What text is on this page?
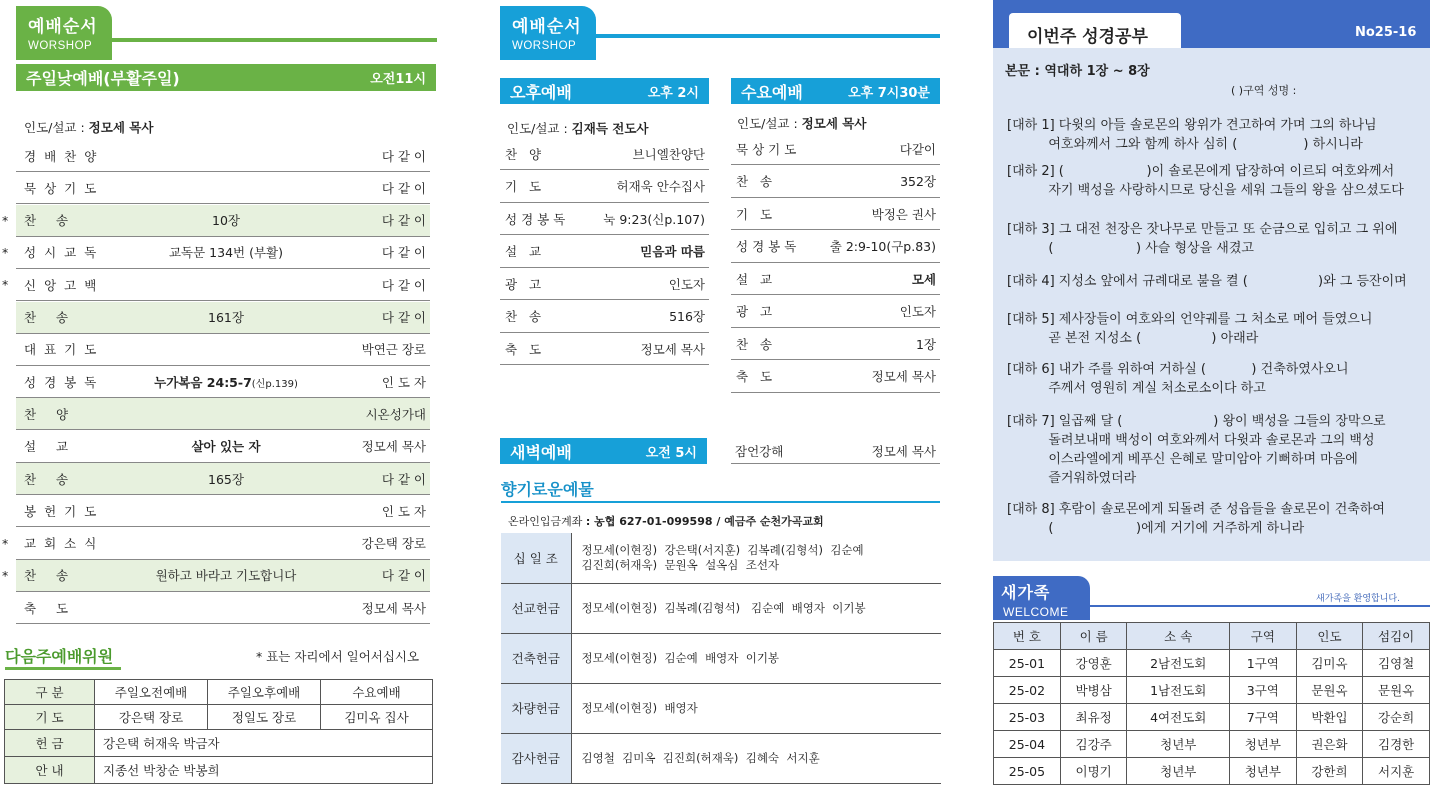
예배순서
WORSHOP
주일낮예배(부활주일)	오전11시
인도/설교 : 정모세 목사
경배찬양	다 같 이
묵상기도	다 같 이
* 찬 송	10장	다 같 이
* 성시교독	교독문 134번 (부활)	다 같 이
* 신앙고백	다 같 이
찬 송	161장	다 같 이
대표기도	박연근 장로
성경봉독	누가복음 24:5-7(신p.139)	인 도 자
찬 양	시온성가대
설 교	살아 있는 자	정모세 목사
찬 송	165장	다 같 이
봉헌기도	인 도 자
* 교회소식	강은택 장로
* 찬 송	원하고 바라고 기도합니다	다 같 이
축 도	정모세 목사
다음주예배위원	* 표는 자리에서 일어서십시오
구 분	주일오전예배	주일오후예배	수요예배
기 도	강은택 장로	정일도 장로	김미옥 집사
헌 금	강은택 허재욱 박금자		
안 내	지종선 박창순 박봉희		
예배순서
WORSHOP
오후예배	오후 2시
인도/설교 : 김재득 전도사
찬 양	브니엘찬양단
기 도	허재욱 안수집사
성경봉독	눅 9:23(신p.107)
설 교	믿음과 따름
광 고	인도자
찬 송	516장
축 도	정모세 목사
수요예배	오후 7시30분
인도/설교 : 정모세 목사
묵상기도	다같이
찬 송	352장
기 도	박정은 권사
성경봉독 출 2:9-10(구p.83)
설 교	모세
광 고	인도자
찬 송	1장
축 도	정모세 목사
새벽예배	오전 5시	잠언강해	정모세 목사
향기로운예물
온라인입금계좌 : 농협 627-01-099598 / 예금주 순천가곡교회
십 일 조	정모세(이현징)  강은택(서지훈)  김복례(김형석)  김순예
김진희(허재욱)  문원옥  설옥심  조선자
선교헌금	정모세(이현징)  김복례(김형석)   김순예  배영자  이기봉
건축헌금	정모세(이현징)  김순예  배영자  이기봉
차량헌금	정모세(이현징)  배영자
감사헌금	김영철  김미옥  김진희(허재욱)  김혜숙  서지훈
이번주 성경공부	No25-16
본문 : 역대하 1장 ~ 8장
( )구역 성명 :
[대하 1] 다윗의 아들 솔로몬의 왕위가 견고하여 가며 그의 하나님
여호와께서 그와 함께 하사 심히 (                ) 하시니라
[대하 2] (                    )이 솔로몬에게 답장하여 이르되 여호와께서
자기 백성을 사랑하시므로 당신을 세워 그들의 왕을 삼으셨도다
[대하 3] 그 대전 천장은 잣나무로 만들고 또 순금으로 입히고 그 위에
(                    ) 사슬 형상을 새겼고
[대하 4] 지성소 앞에서 규례대로 불을 켤 (                 )와 그 등잔이며
[대하 5] 제사장들이 여호와의 언약궤를 그 처소로 메어 들였으니
곧 본전 지성소 (                 ) 아래라
[대하 6] 내가 주를 위하여 거하실 (           ) 건축하였사오니
주께서 영원히 계실 처소로소이다 하고
[대하 7] 일곱째 달 (                      ) 왕이 백성을 그들의 장막으로
돌려보내매 백성이 여호와께서 다윗과 솔로몬과 그의 백성
이스라엘에게 베푸신 은혜로 말미암아 기뻐하며 마음에
즐거워하였더라
[대하 8] 후람이 솔로몬에게 되돌려 준 성읍들을 솔로몬이 건축하여
(                    )에게 거기에 거주하게 하니라
새가족
WELCOME
새가족을 환영합니다.
번 호	이 름	소 속	구역	인도	섬김이
25-01	강영훈	2남전도회	1구역	김미옥	김영철
25-02	박병삼	1남전도회	3구역	문원옥	문원옥
25-03	최유정	4여전도회	7구역	박환입	강순희
25-04	김강주	청년부	청년부	권은화	김경한
25-05	이명기	청년부	청년부	강한희	서지훈
